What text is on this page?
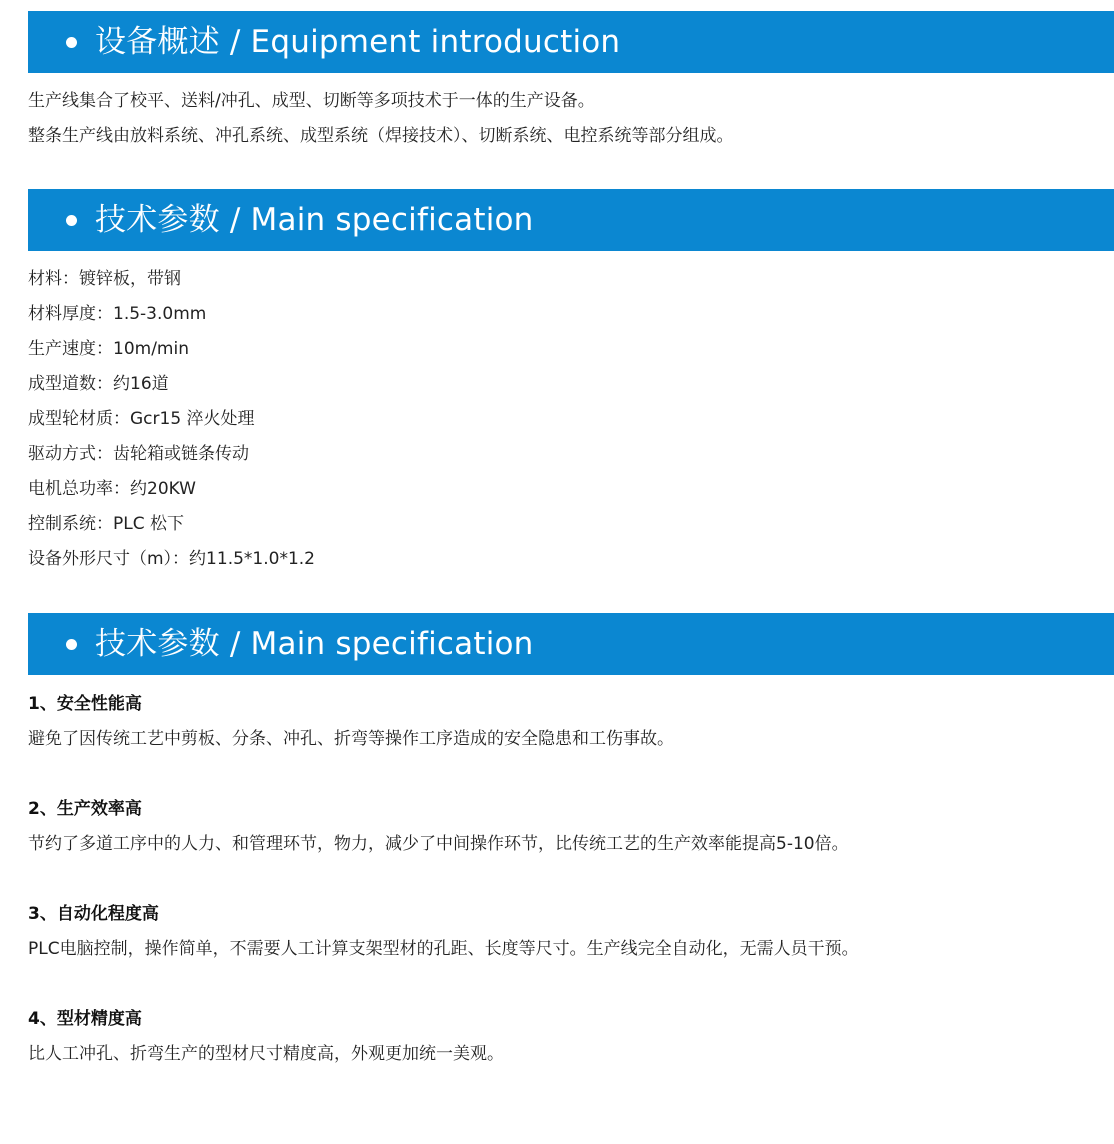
设备概述 / Equipment introduction
生产线集合了校平、送料/冲孔、成型、切断等多项技术于一体的生产设备。
整条生产线由放料系统、冲孔系统、成型系统（焊接技术）、切断系统、电控系统等部分组成。
技术参数 / Main specification
材料：镀锌板，带钢
材料厚度：1.5-3.0mm
生产速度：10m/min
成型道数：约16道
成型轮材质：Gcr15 淬火处理
驱动方式：齿轮箱或链条传动
电机总功率：约20KW
控制系统：PLC 松下
设备外形尺寸（m）：约11.5*1.0*1.2
技术参数 / Main specification
1、安全性能高
避免了因传统工艺中剪板、分条、冲孔、折弯等操作工序造成的安全隐患和工伤事故。
2、生产效率高
节约了多道工序中的人力、和管理环节，物力，减少了中间操作环节，比传统工艺的生产效率能提高5-10倍。
3、自动化程度高
PLC电脑控制，操作简单，不需要人工计算支架型材的孔距、长度等尺寸。生产线完全自动化，无需人员干预。
4、型材精度高
比人工冲孔、折弯生产的型材尺寸精度高，外观更加统一美观。
